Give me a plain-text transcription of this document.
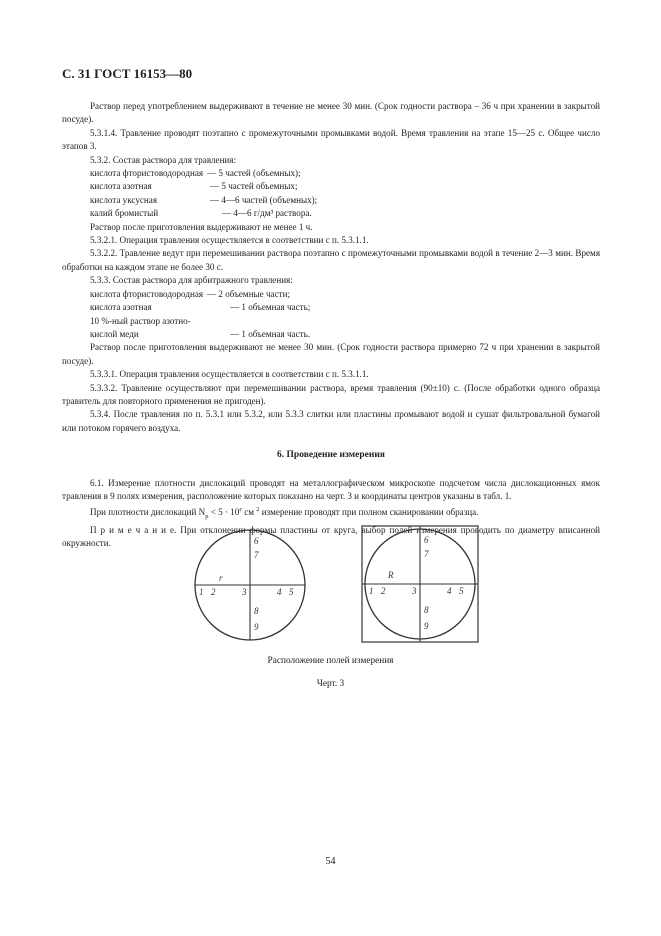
С. 31 ГОСТ 16153—80

Раствор перед употреблением выдерживают в течение не менее 30 мин. (Срок годности раствора – 36 ч при хранении в закрытой посуде).

5.3.1.4. Травление проводят поэтапно с промежуточными промывками водой. Время травления на этапе 15—25 с. Общее число этапов 3.

5.3.2. Состав раствора для травления:

кислота фтористоводородная — 5 частей (объемных);
кислота азотная	— 5 частей объемных;
кислота уксусная	— 4—6 частей (объемных);
калий бромистый	— 4—6 г/дм³ раствора.

Раствор после приготовления выдерживают не менее 1 ч.

5.3.2.1. Операция травления осуществляется в соответствии с п. 5.3.1.1.

5.3.2.2. Травление ведут при перемешивании раствора поэтапно с промежуточными промывками водой в течение 2—3 мин. Время обработки на каждом этапе не более 30 с.

5.3.3. Состав раствора для арбитражного травления:

кислота фтористоводородная — 2 объемные части;
кислота азотная	— 1 объемная часть;
10 %-ный раствор азотно-
кислой меди	— 1 объемная часть.

Раствор после приготовления выдерживают не менее 30 мин. (Срок годности раствора примерно 72 ч при хранении в закрытой посуде).

5.3.3.1. Операция травления осуществляется в соответствии с п. 5.3.1.1.

5.3.3.2. Травление осуществляют при перемешивании раствора, время травления (90±10) с. (После обработки одного образца травитель для повторного применения не пригоден).

5.3.4. После травления по п. 5.3.1 или 5.3.2, или 5.3.3 слитки или пластины промывают водой и сушат фильтровальной бумагой или потоком горячего воздуха.

6. Проведение измерения

6.1. Измерение плотности дислокаций проводят на металлографическом микроскопе подсчетом числа дислокационных ямок травления в 9 полях измерения, расположение которых показано на черт. 3 и координаты центров указаны в табл. 1.

При плотности дислокаций $N_р < 5 \cdot 10^г$ см $^2$ измерение проводят при полном сканировании образца.

П р и м е ч а н и е. При отклонении формы пластины от круга, выбор полей измерения проводить по диаметру вписанной окружности.

r
1 2	3	4 5
6
7
8
9
R
1 2	3	4 5
6
7
8
9
Расположение полей измерения
Черт. 3
54
